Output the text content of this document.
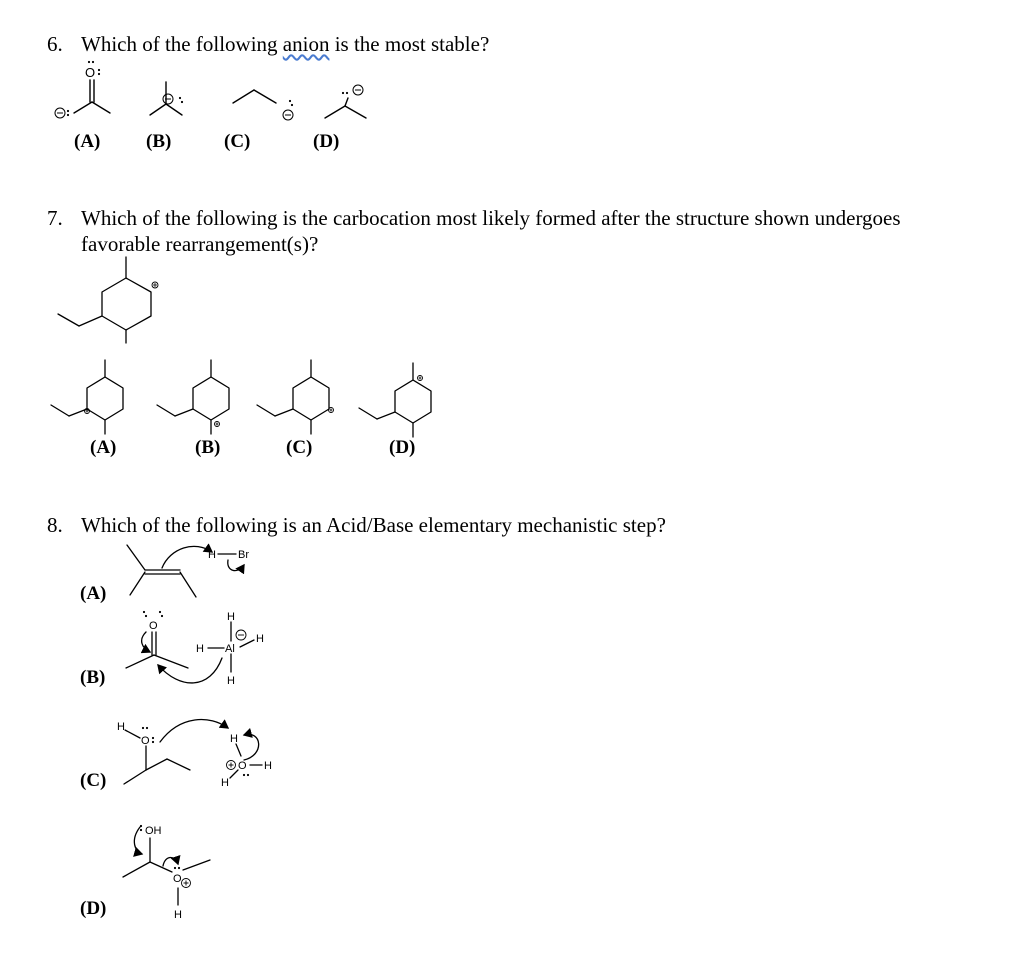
6. Which of the following anion is the most stable?
O
(A) (B)	(C)	(D)
7. Which of the following is the carbocation most likely formed after the structure shown undergoes
favorable rearrangement(s)?
(A)	(B)	(C)	(D)
8. Which of the following is an Acid/Base elementary mechanistic step?
H Br
O
H
H Al
H
H
H
O	H
O H
H
OH
O
H
(A)
(B)
(C)
(D)
